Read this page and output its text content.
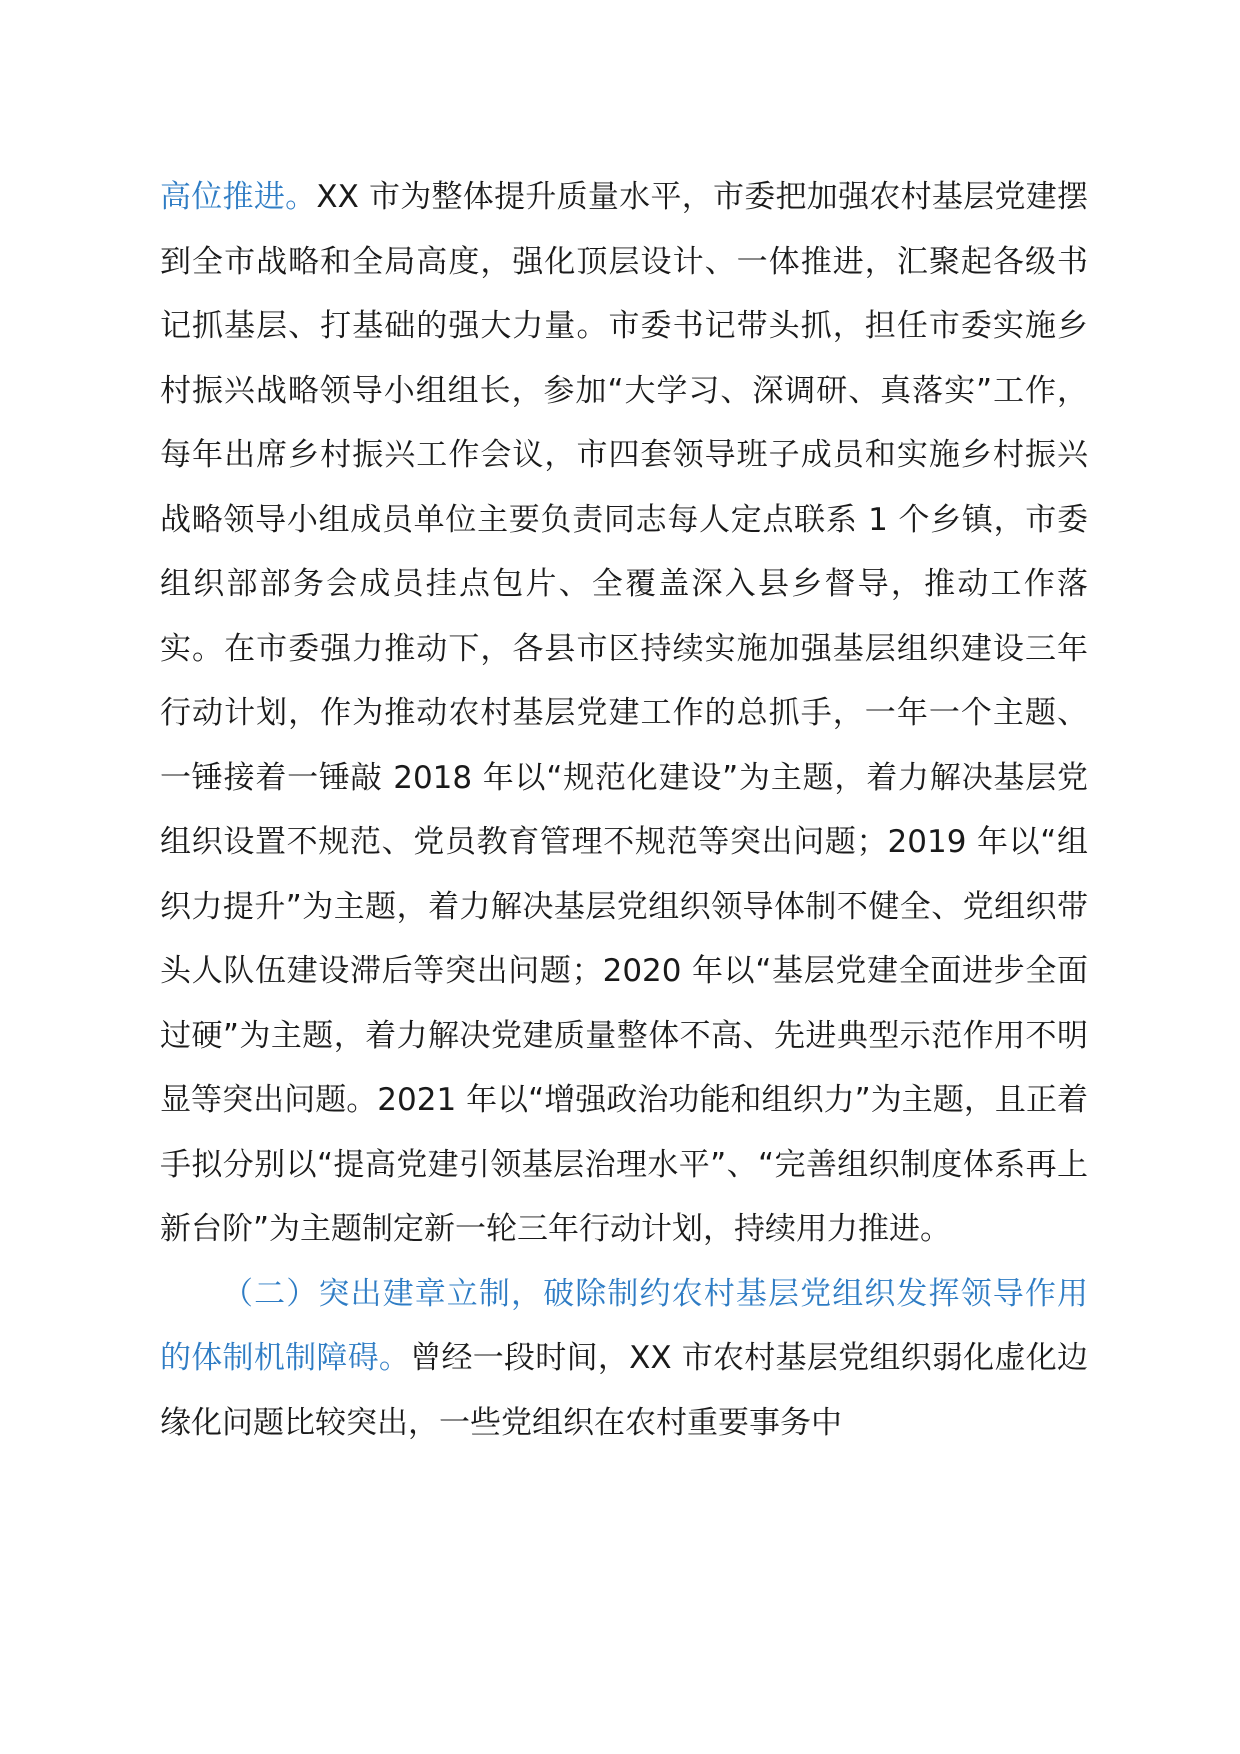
高位推进。XX 市为整体提升质量水平，市委把加强农村基层党建摆到全市战略和全局高度，强化顶层设计、一体推进，汇聚起各级书记抓基层、打基础的强大力量。市委书记带头抓，担任市委实施乡村振兴战略领导小组组长，参加“大学习、深调研、真落实”工作，每年出席乡村振兴工作会议，市四套领导班子成员和实施乡村振兴战略领导小组成员单位主要负责同志每人定点联系 1 个乡镇，市委组织部部务会成员挂点包片、全覆盖深入县乡督导，推动工作落实。在市委强力推动下，各县市区持续实施加强基层组织建设三年行动计划，作为推动农村基层党建工作的总抓手，一年一个主题、一锤接着一锤敲 2018 年以“规范化建设”为主题，着力解决基层党组织设置不规范、党员教育管理不规范等突出问题；2019 年以“组织力提升”为主题，着力解决基层党组织领导体制不健全、党组织带头人队伍建设滞后等突出问题；2020 年以“基层党建全面进步全面过硬”为主题，着力解决党建质量整体不高、先进典型示范作用不明显等突出问题。2021 年以“增强政治功能和组织力”为主题，且正着手拟分别以“提高党建引领基层治理水平”、“完善组织制度体系再上新台阶”为主题制定新一轮三年行动计划，持续用力推进。

（二）突出建章立制，破除制约农村基层党组织发挥领导作用的体制机制障碍。曾经一段时间，XX 市农村基层党组织弱化虚化边缘化问题比较突出，一些党组织在农村重要事务中
